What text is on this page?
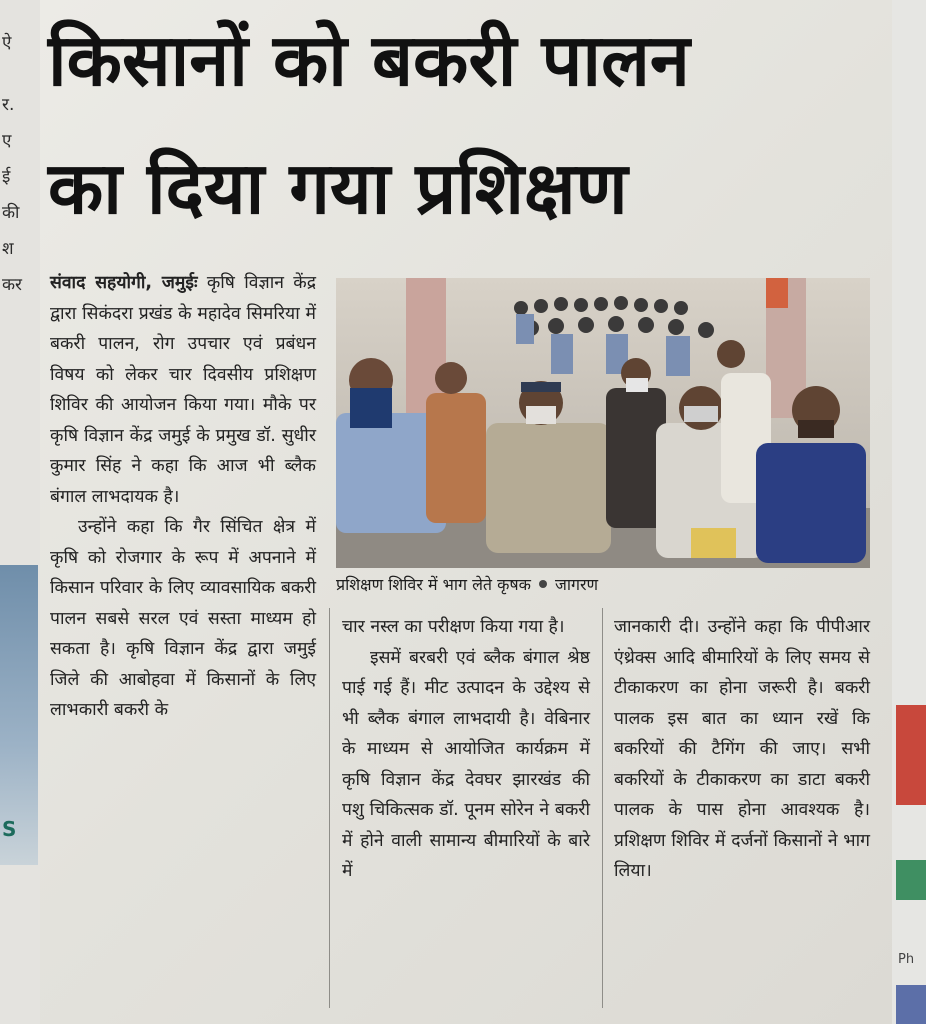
ऐ
र.
ए
ई
की
श
कर
S
Ph
किसानों को बकरी पालन
का दिया गया प्रशिक्षण

संवाद सहयोगी, जमुईः कृषि विज्ञान केंद्र द्वारा सिकंदरा प्रखंड के महादेव सिमरिया में बकरी पालन, रोग उपचार एवं प्रबंधन विषय को लेकर चार दिवसीय प्रशिक्षण शिविर की आयोजन किया गया। मौके पर कृषि विज्ञान केंद्र जमुई के प्रमुख डॉ. सुधीर कुमार सिंह ने कहा कि आज भी ब्लैक बंगाल लाभदायक है।

उन्होंने कहा कि गैर सिंचित क्षेत्र में कृषि को रोजगार के रूप में अपनाने में किसान परिवार के लिए व्यावसायिक बकरी पालन सबसे सरल एवं सस्ता माध्यम हो सकता है। कृषि विज्ञान केंद्र द्वारा जमुई जिले की आबोहवा में किसानों के लिए लाभकारी बकरी के

प्रशिक्षण शिविर में भाग लेते कृषक जागरण

चार नस्ल का परीक्षण किया गया है।

इसमें बरबरी एवं ब्लैक बंगाल श्रेष्ठ पाई गई हैं। मीट उत्पादन के उद्देश्य से भी ब्लैक बंगाल लाभदायी है। वेबिनार के माध्यम से आयोजित कार्यक्रम में कृषि विज्ञान केंद्र देवघर झारखंड की पशु चिकित्सक डॉ. पूनम सोरेन ने बकरी में होने वाली सामान्य बीमारियों के बारे में

जानकारी दी। उन्होंने कहा कि पीपीआर एंथ्रेक्स आदि बीमारियों के लिए समय से टीकाकरण का होना जरूरी है। बकरी पालक इस बात का ध्यान रखें कि बकरियों की टैगिंग की जाए। सभी बकरियों के टीकाकरण का डाटा बकरी पालक के पास होना आवश्यक है। प्रशिक्षण शिविर में दर्जनों किसानों ने भाग लिया।
